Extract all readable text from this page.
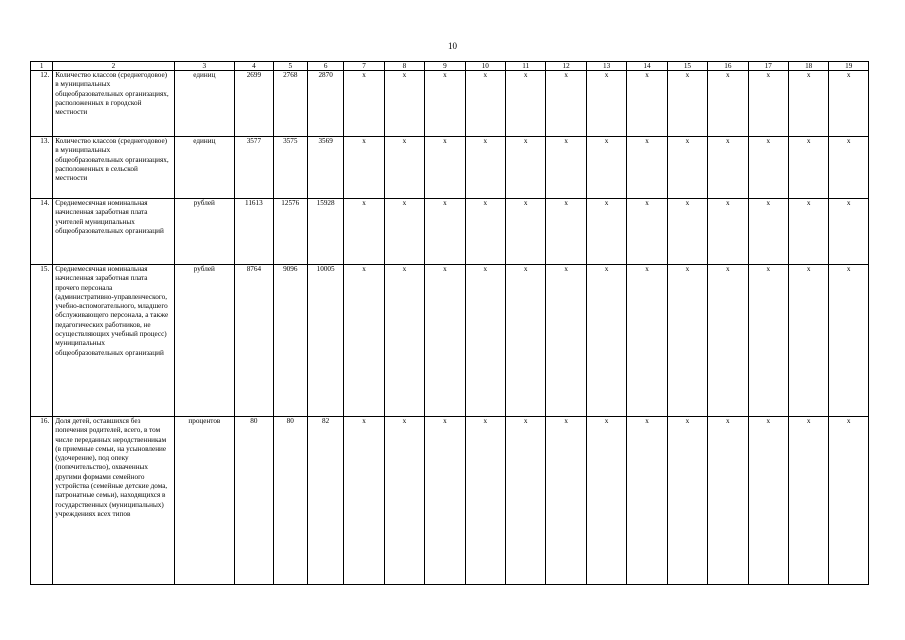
10
1	2	3	4	5	6	7	8	9	10	11	12	13	14	15	16	17	18	19
12.	Количество классов (среднегодовое) в муниципальных общеобразовательных организациях, расположенных в городской местности	единиц	2699	2768	2870	x	x	x	x	x	x	x	x	x	x	x	x	x
13.	Количество классов (среднегодовое) в муниципальных общеобразовательных организациях, расположенных в сельской местности	единиц	3577	3575	3569	x	x	x	x	x	x	x	x	x	x	x	x	x
14.	Среднемесячная номинальная начисленная заработная плата учителей муниципальных общеобразовательных организаций	рублей	11613	12576	15928	x	x	x	x	x	x	x	x	x	x	x	x	x
15.	Среднемесячная номинальная начисленная заработная плата прочего персонала (административно-управленческого, учебно-вспомогательного, младшего обслуживающего персонала, а также педагогических работников, не осуществляющих учебный процесс) муниципальных общеобразовательных организаций	рублей	8764	9096	10005	x	x	x	x	x	x	x	x	x	x	x	x	x
16.	Доля детей, оставшихся без попечения родителей, всего, в том числе переданных неродственникам (в приемные семьи, на усыновление (удочерение), под опеку (попечительство), охваченных другими формами семейного устройства (семейные детские дома, патронатные семьи), находящихся в государственных (муниципальных) учреждениях всех типов	процентов	80	80	82	x	x	x	x	x	x	x	x	x	x	x	x	x
